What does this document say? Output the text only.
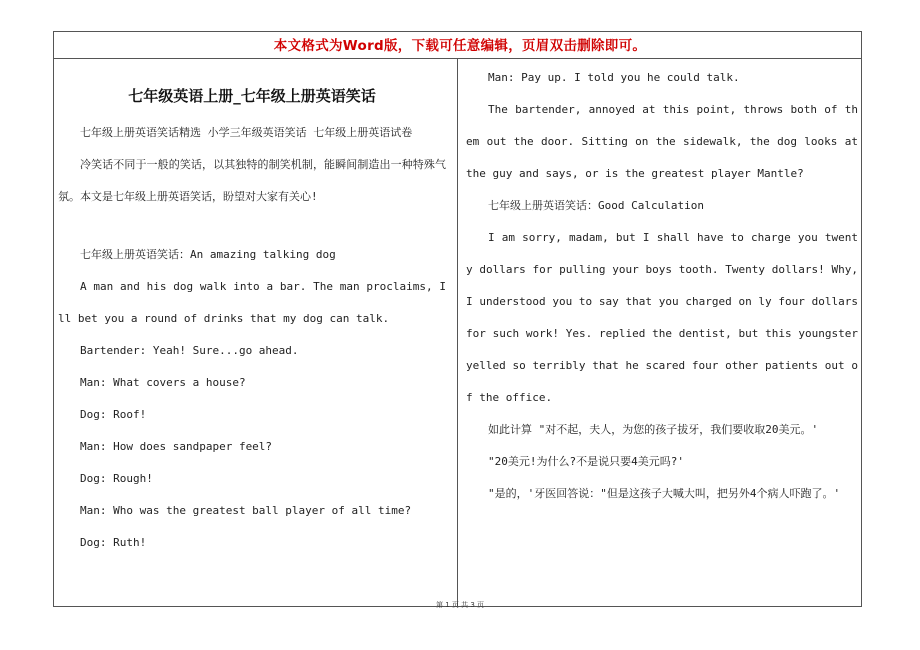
本文格式为Word版，下载可任意编辑，页眉双击删除即可。
七年级英语上册_七年级上册英语笑话

七年级上册英语笑话精选 小学三年级英语笑话 七年级上册英语试卷

冷笑话不同于一般的笑话，以其独特的制笑机制，能瞬间制造出一种特殊气氛。本文是七年级上册英语笑话，盼望对大家有关心!

七年级上册英语笑话：An amazing talking dog

A man and his dog walk into a bar. The man proclaims, Ill bet you a round of drinks that my dog can talk.

Bartender: Yeah! Sure...go ahead.

Man: What covers a house?

Dog: Roof!

Man: How does sandpaper feel?

Dog: Rough!

Man: Who was the greatest ball player of all time?

Dog: Ruth!

Man: Pay up. I told you he could talk.

The bartender, annoyed at this point, throws both of them out the door. Sitting on the sidewalk, the dog looks at the guy and says, or is the greatest player Mantle?

七年级上册英语笑话：Good Calculation

I am sorry, madam, but I shall have to charge you twenty dollars for pulling your boys tooth. Twenty dollars! Why, I understood you to say that you charged on ly four dollars for such work! Yes. replied the dentist, but this youngster yelled so terribly that he scared four other patients out of the office.

如此计算 "对不起，夫人，为您的孩子拔牙，我们要收取20美元。'

"20美元!为什么?不是说只要4美元吗?'

"是的，'牙医回答说："但是这孩子大喊大叫，把另外4个病人吓跑了。'

第 1 页 共 3 页
